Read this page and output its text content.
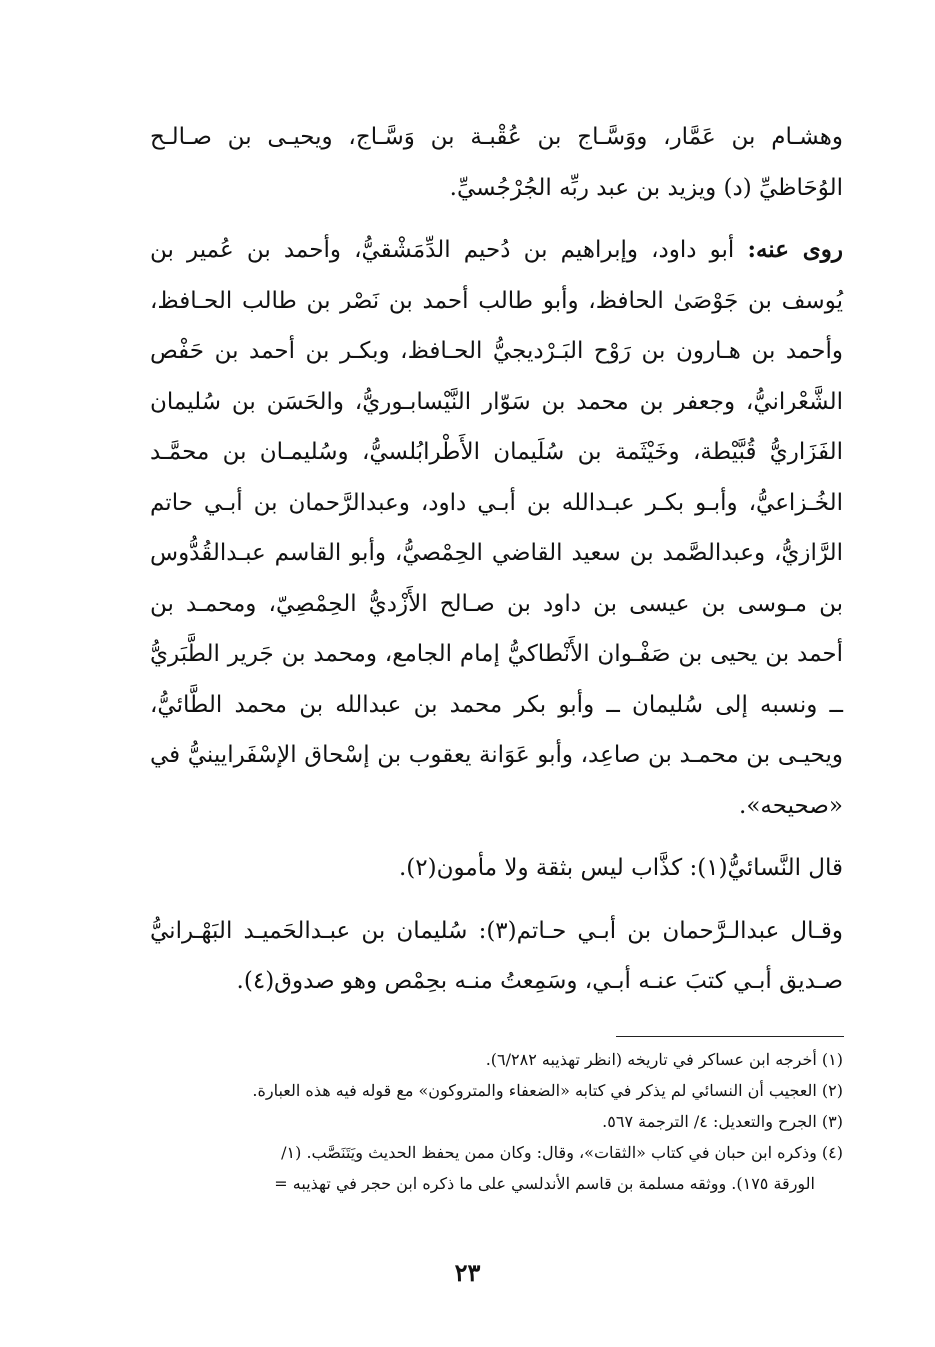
وهشـام بن عَمَّار، ووَسَّـاج بن عُقْبـة بن وَسَّـاج، ويحيـى بن صـالـح الوُحَاظيِّ (د) ويزيد بن عبد ربِّه الجُرْجُسيِّ.

روى عنه: أبو داود، وإبراهيم بن دُحيم الدِّمَشْقيُّ، وأحمد بن عُمير بن يُوسف بن جَوْصَىٰ الحافظ، وأبو طالب أحمد بن نَصْر بن طالب الحـافظ، وأحمد بن هـارون بن رَوْح البَـرْديجيُّ الحـافظ، وبكـر بن أحمد بن حَفْص الشَّعْرانيُّ، وجعفر بن محمد بن سَوّار النَّيْسابـوريُّ، والحَسَن بن سُليمان الفَزَاريُّ قُبَّيْطة، وخَيْثَمة بن سُلَيمان الأَطْرابُلسيُّ، وسُليمـان بن محمَّـد الخُـزاعيُّ، وأبـو بكـر عبـدالله بن أبـي داود، وعبدالرَّحمان بن أبـي حاتم الرَّازيُّ، وعبدالصَّمد بن سعيد القاضي الحِمْصيُّ، وأبو القاسم عبـدالقُدُّوس بن مـوسى بن عيسى بن داود بن صـالح الأَزْديُّ الحِمْصِيّ، ومحمـد بن أحمد بن يحيى بن صَفْـوان الأَنْطاكيُّ إمام الجامع، ومحمد بن جَرير الطَّبَريُّ ــ ونسبه إلى سُليمان ــ وأبو بكر محمد بن عبدالله بن محمد الطَّائيُّ، ويحيـى بن محمـد بن صاعِد، وأبو عَوَانة يعقوب بن إسْحاق الإسْفَرايينيُّ في «صحيحه».

قال النَّسائيُّ(١): كذَّاب ليس بثقة ولا مأمون(٢).

وقـال عبدالـرَّحمان بن أبـي حـاتم(٣): سُليمان بن عبـدالحَميـد البَهْـرانيُّ صـديق أبـي كتبَ عنـه أبـي، وسَمِعتُ منـه بحِمْص وهو صدوق(٤).

(١) أخرجه ابن عساكر في تاريخه (انظر تهذيبه ٦/٢٨٢).

(٢) العجيب أن النسائي لم يذكر في كتابه «الضعفاء والمتروكون» مع قوله فيه هذه العبارة.

(٣) الجرح والتعديل: ٤/ الترجمة ٥٦٧.

(٤) وذكره ابن حبان في كتاب «الثقات»، وقال: وكان ممن يحفظ الحديث ويَتَنَصَّب. (١/

الورقة ١٧٥). ووثقه مسلمة بن قاسم الأندلسي على ما ذكره ابن حجر في تهذيبه =

٢٣
